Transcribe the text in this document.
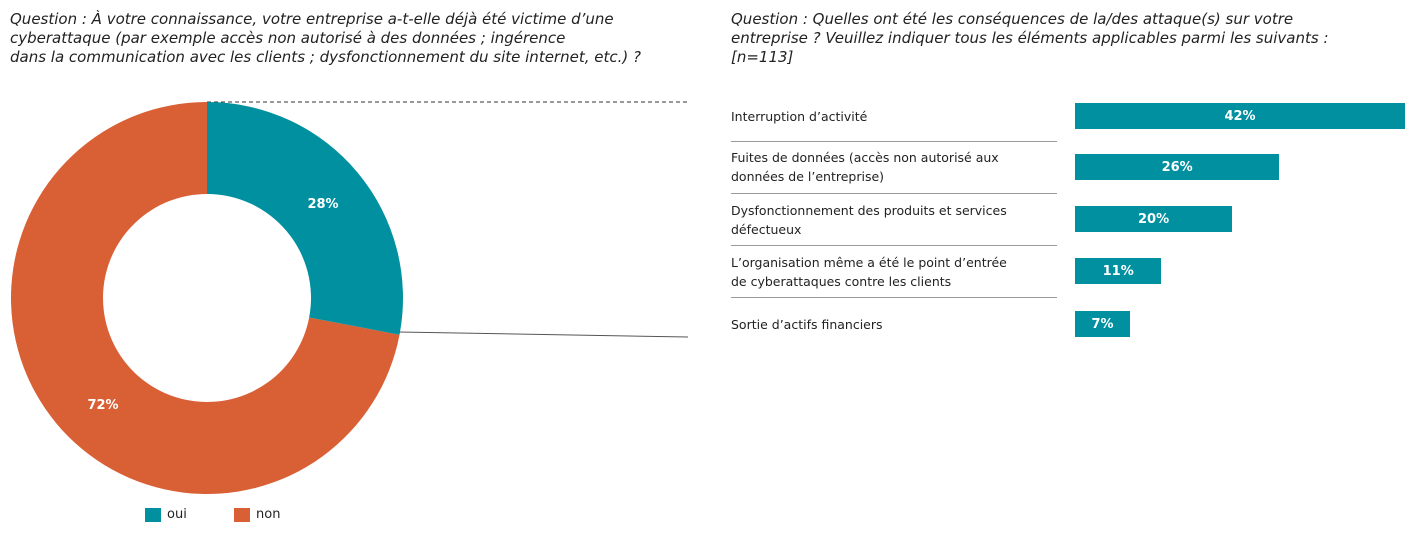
Question : À votre connaissance, votre entreprise a-t-elle déjà été victime d’une
cyberattaque (par exemple accès non autorisé à des données ; ingérence
dans la communication avec les clients ; dysfonctionnement du site internet, etc.) ?
Question : Quelles ont été les conséquences de la/des attaque(s) sur votre
entreprise ? Veuillez indiquer tous les éléments applicables parmi les suivants :
[n=113]
28%
72%
oui	non
Interruption d’activité
Fuites de données (accès non autorisé aux
données de l’entreprise)
Dysfonctionnement des produits et services
défectueux
L’organisation même a été le point d’entrée
de cyberattaques contre les clients
Sortie d’actifs financiers
42%
26%
20%
11%
7%
